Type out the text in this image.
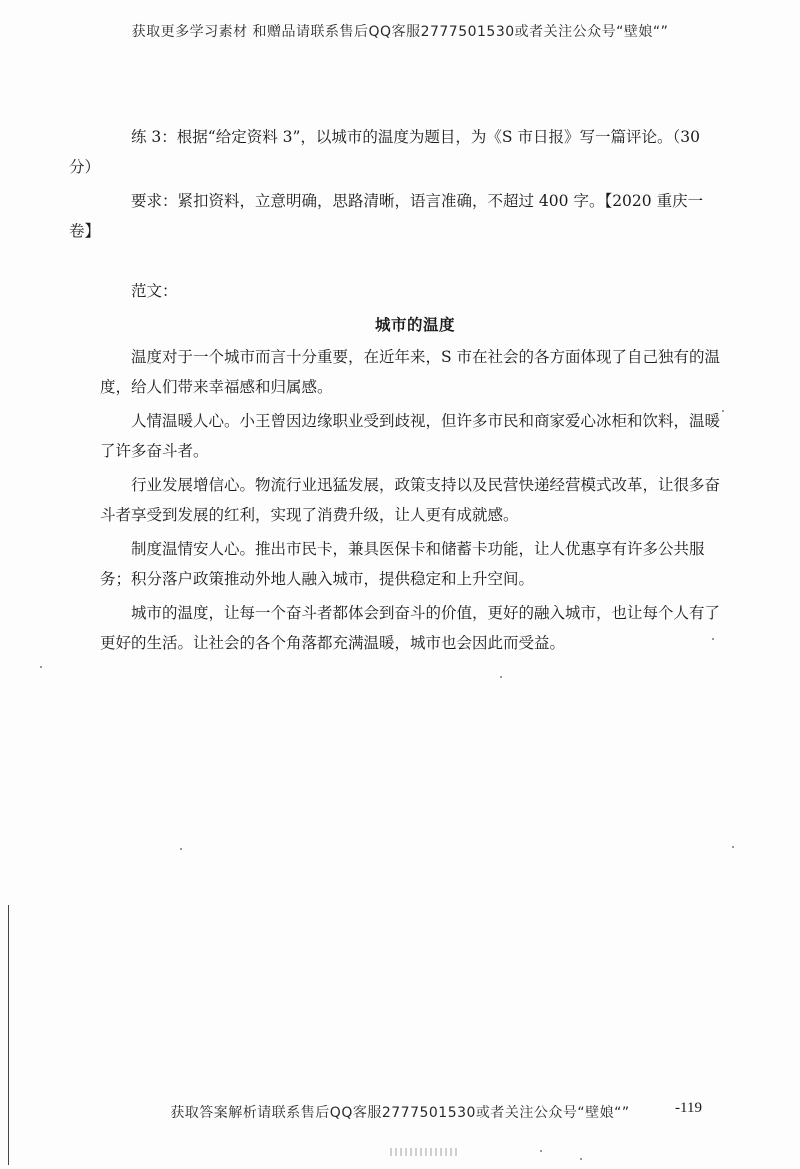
获取更多学习素材 和赠品请联系售后QQ客服2777501530或者关注公众号“壁娘“”

练 3：根据“给定资料 3”，以城市的温度为题目，为《S 市日报》写一篇评论。（30
分）

要求：紧扣资料，立意明确，思路清晰，语言准确，不超过 400 字。【2020 重庆一
卷】

范文：

城市的温度

温度对于一个城市而言十分重要，在近年来，S 市在社会的各方面体现了自己独有的温度，给人们带来幸福感和归属感。

人情温暖人心。小王曾因边缘职业受到歧视，但许多市民和商家爱心冰柜和饮料，温暖了许多奋斗者。

行业发展增信心。物流行业迅猛发展，政策支持以及民营快递经营模式改革，让很多奋斗者享受到发展的红利，实现了消费升级，让人更有成就感。

制度温情安人心。推出市民卡，兼具医保卡和储蓄卡功能，让人优惠享有许多公共服务；积分落户政策推动外地人融入城市，提供稳定和上升空间。

城市的温度，让每一个奋斗者都体会到奋斗的价值，更好的融入城市，也让每个人有了更好的生活。让社会的各个角落都充满温暖，城市也会因此而受益。

获取答案解析请联系售后QQ客服2777501530或者关注公众号“壁娘“”	-119
